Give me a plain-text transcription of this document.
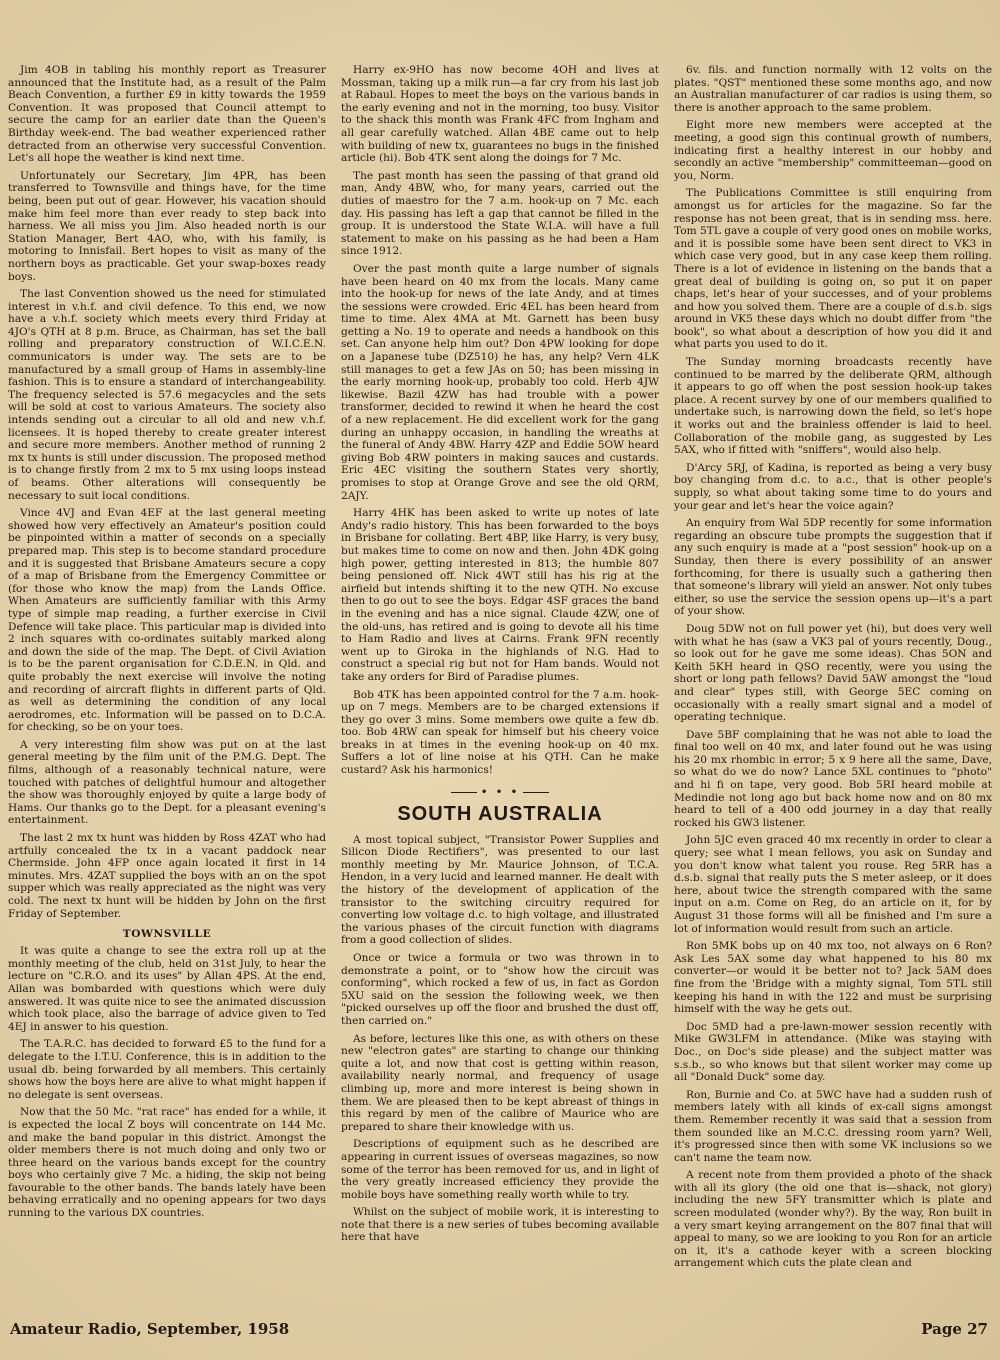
Jim 4OB in tabling his monthly report as Treasurer announced that the Institute had, as a result of the Palm Beach Convention, a further £9 in kitty towards the 1959 Convention. It was proposed that Council attempt to secure the camp for an earlier date than the Queen's Birthday week-end. The bad weather experienced rather detracted from an otherwise very successful Convention. Let's all hope the weather is kind next time.

Unfortunately our Secretary, Jim 4PR, has been transferred to Townsville and things have, for the time being, been put out of gear. However, his vacation should make him feel more than ever ready to step back into harness. We all miss you Jim. Also headed north is our Station Manager, Bert 4AO, who, with his family, is motoring to Innisfail. Bert hopes to visit as many of the northern boys as practicable. Get your swap-boxes ready boys.

The last Convention showed us the need for stimulated interest in v.h.f. and civil defence. To this end, we now have a v.h.f. society which meets every third Friday at 4JO's QTH at 8 p.m. Bruce, as Chairman, has set the ball rolling and preparatory construction of W.I.C.E.N. communicators is under way. The sets are to be manufactured by a small group of Hams in assembly-line fashion. This is to ensure a standard of interchangeability. The frequency selected is 57.6 megacycles and the sets will be sold at cost to various Amateurs. The society also intends sending out a circular to all old and new v.h.f. licensees. It is hoped thereby to create greater interest and secure more members. Another method of running 2 mx tx hunts is still under discussion. The proposed method is to change firstly from 2 mx to 5 mx using loops instead of beams. Other alterations will consequently be necessary to suit local conditions.

Vince 4VJ and Evan 4EF at the last general meeting showed how very effectively an Amateur's position could be pinpointed within a matter of seconds on a specially prepared map. This step is to become standard procedure and it is suggested that Brisbane Amateurs secure a copy of a map of Brisbane from the Emergency Committee or (for those who know the map) from the Lands Office. When Amateurs are sufficiently familiar with this Army type of simple map reading, a further exercise in Civil Defence will take place. This particular map is divided into 2 inch squares with co-ordinates suitably marked along and down the side of the map. The Dept. of Civil Aviation is to be the parent organisation for C.D.E.N. in Qld. and quite probably the next exercise will involve the noting and recording of aircraft flights in different parts of Qld. as well as determining the condition of any local aerodromes, etc. Information will be passed on to D.C.A. for checking, so be on your toes.

A very interesting film show was put on at the last general meeting by the film unit of the P.M.G. Dept. The films, although of a reasonably technical nature, were touched with patches of delightful humour and altogether the show was thoroughly enjoyed by quite a large body of Hams. Our thanks go to the Dept. for a pleasant evening's entertainment.

The last 2 mx tx hunt was hidden by Ross 4ZAT who had artfully concealed the tx in a vacant paddock near Chermside. John 4FP once again located it first in 14 minutes. Mrs. 4ZAT supplied the boys with an on the spot supper which was really appreciated as the night was very cold. The next tx hunt will be hidden by John on the first Friday of September.

TOWNSVILLE

It was quite a change to see the extra roll up at the monthly meeting of the club, held on 31st July, to hear the lecture on "C.R.O. and its uses" by Allan 4PS. At the end, Allan was bombarded with questions which were duly answered. It was quite nice to see the animated discussion which took place, also the barrage of advice given to Ted 4EJ in answer to his question.

The T.A.R.C. has decided to forward £5 to the fund for a delegate to the I.T.U. Conference, this is in addition to the usual db. being forwarded by all members. This certainly shows how the boys here are alive to what might happen if no delegate is sent overseas.

Now that the 50 Mc. "rat race" has ended for a while, it is expected the local Z boys will concentrate on 144 Mc. and make the band popular in this district. Amongst the older members there is not much doing and only two or three heard on the various bands except for the country boys who certainly give 7 Mc. a hiding, the skip not being favourable to the other bands. The bands lately have been behaving erratically and no opening appears for two days running to the various DX countries.

Harry ex-9HO has now become 4OH and lives at Mossman, taking up a milk run—a far cry from his last job at Rabaul. Hopes to meet the boys on the various bands in the early evening and not in the morning, too busy. Visitor to the shack this month was Frank 4FC from Ingham and all gear carefully watched. Allan 4BE came out to help with building of new tx, guarantees no bugs in the finished article (hi). Bob 4TK sent along the doings for 7 Mc.

The past month has seen the passing of that grand old man, Andy 4BW, who, for many years, carried out the duties of maestro for the 7 a.m. hook-up on 7 Mc. each day. His passing has left a gap that cannot be filled in the group. It is understood the State W.I.A. will have a full statement to make on his passing as he had been a Ham since 1912.

Over the past month quite a large number of signals have been heard on 40 mx from the locals. Many came into the hook-up for news of the late Andy, and at times the sessions were crowded. Eric 4EL has been heard from time to time. Alex 4MA at Mt. Garnett has been busy getting a No. 19 to operate and needs a handbook on this set. Can anyone help him out? Don 4PW looking for dope on a Japanese tube (DZ510) he has, any help? Vern 4LK still manages to get a few JAs on 50; has been missing in the early morning hook-up, probably too cold. Herb 4JW likewise. Bazil 4ZW has had trouble with a power transformer, decided to rewind it when he heard the cost of a new replacement. He did excellent work for the gang during an unhappy occasion, in handling the wreaths at the funeral of Andy 4BW. Harry 4ZP and Eddie 5OW heard giving Bob 4RW pointers in making sauces and custards. Eric 4EC visiting the southern States very shortly, promises to stop at Orange Grove and see the old QRM, 2AJY.

Harry 4HK has been asked to write up notes of late Andy's radio history. This has been forwarded to the boys in Brisbane for collating. Bert 4BP, like Harry, is very busy, but makes time to come on now and then. John 4DK going high power, getting interested in 813; the humble 807 being pensioned off. Nick 4WT still has his rig at the airfield but intends shifting it to the new QTH. No excuse then to go out to see the boys. Edgar 4SF graces the band in the evening and has a nice signal. Claude 4ZW, one of the old-uns, has retired and is going to devote all his time to Ham Radio and lives at Cairns. Frank 9FN recently went up to Giroka in the highlands of N.G. Had to construct a special rig but not for Ham bands. Would not take any orders for Bird of Paradise plumes.

Bob 4TK has been appointed control for the 7 a.m. hook-up on 7 megs. Members are to be charged extensions if they go over 3 mins. Some members owe quite a few db. too. Bob 4RW can speak for himself but his cheery voice breaks in at times in the evening hook-up on 40 mx. Suffers a lot of line noise at his QTH. Can he make custard? Ask his harmonics!

• • •
SOUTH AUSTRALIA

A most topical subject, "Transistor Power Supplies and Silicon Diode Rectifiers", was presented to our last monthly meeting by Mr. Maurice Johnson, of T.C.A. Hendon, in a very lucid and learned manner. He dealt with the history of the development of application of the transistor to the switching circuitry required for converting low voltage d.c. to high voltage, and illustrated the various phases of the circuit function with diagrams from a good collection of slides.

Once or twice a formula or two was thrown in to demonstrate a point, or to "show how the circuit was conforming", which rocked a few of us, in fact as Gordon 5XU said on the session the following week, we then "picked ourselves up off the floor and brushed the dust off, then carried on."

As before, lectures like this one, as with others on these new "electron gates" are starting to change our thinking quite a lot, and now that cost is getting within reason, availability nearly normal, and frequency of usage climbing up, more and more interest is being shown in them. We are pleased then to be kept abreast of things in this regard by men of the calibre of Maurice who are prepared to share their knowledge with us.

Descriptions of equipment such as he described are appearing in current issues of overseas magazines, so now some of the terror has been removed for us, and in light of the very greatly increased efficiency they provide the mobile boys have something really worth while to try.

Whilst on the subject of mobile work, it is interesting to note that there is a new series of tubes becoming available here that have

6v. fils. and function normally with 12 volts on the plates. "QST" mentioned these some months ago, and now an Australian manufacturer of car radios is using them, so there is another approach to the same problem.

Eight more new members were accepted at the meeting, a good sign this continual growth of numbers, indicating first a healthy interest in our hobby and secondly an active "membership" committeeman—good on you, Norm.

The Publications Committee is still enquiring from amongst us for articles for the magazine. So far the response has not been great, that is in sending mss. here. Tom 5TL gave a couple of very good ones on mobile works, and it is possible some have been sent direct to VK3 in which case very good, but in any case keep them rolling. There is a lot of evidence in listening on the bands that a great deal of building is going on, so put it on paper chaps, let's hear of your successes, and of your problems and how you solved them. There are a couple of d.s.b. sigs around in VK5 these days which no doubt differ from "the book", so what about a description of how you did it and what parts you used to do it.

The Sunday morning broadcasts recently have continued to be marred by the deliberate QRM, although it appears to go off when the post session hook-up takes place. A recent survey by one of our members qualified to undertake such, is narrowing down the field, so let's hope it works out and the brainless offender is laid to heel. Collaboration of the mobile gang, as suggested by Les 5AX, who if fitted with "sniffers", would also help.

D'Arcy 5RJ, of Kadina, is reported as being a very busy boy changing from d.c. to a.c., that is other people's supply, so what about taking some time to do yours and your gear and let's hear the voice again?

An enquiry from Wal 5DP recently for some information regarding an obscure tube prompts the suggestion that if any such enquiry is made at a "post session" hook-up on a Sunday, then there is every possibility of an answer forthcoming, for there is usually such a gathering then that someone's library will yield an answer. Not only tubes either, so use the service the session opens up—it's a part of your show.

Doug 5DW not on full power yet (hi), but does very well with what he has (saw a VK3 pal of yours recently, Doug., so look out for he gave me some ideas). Chas 5ON and Keith 5KH heard in QSO recently, were you using the short or long path fellows? David 5AW amongst the "loud and clear" types still, with George 5EC coming on occasionally with a really smart signal and a model of operating technique.

Dave 5BF complaining that he was not able to load the final too well on 40 mx, and later found out he was using his 20 mx rhombic in error; 5 x 9 here all the same, Dave, so what do we do now? Lance 5XL continues to "photo" and hi fi on tape, very good. Bob 5RI heard mobile at Medindie not long ago but back home now and on 80 mx heard to tell of a 400 odd journey in a day that really rocked his GW3 listener.

John 5JC even graced 40 mx recently in order to clear a query; see what I mean fellows, you ask on Sunday and you don't know what talent you rouse. Reg 5RR has a d.s.b. signal that really puts the S meter asleep, or it does here, about twice the strength compared with the same input on a.m. Come on Reg, do an article on it, for by August 31 those forms will all be finished and I'm sure a lot of information would result from such an article.

Ron 5MK bobs up on 40 mx too, not always on 6 Ron? Ask Les 5AX some day what happened to his 80 mx converter—or would it be better not to? Jack 5AM does fine from the 'Bridge with a mighty signal, Tom 5TL still keeping his hand in with the 122 and must be surprising himself with the way he gets out.

Doc 5MD had a pre-lawn-mower session recently with Mike GW3LFM in attendance. (Mike was staying with Doc., on Doc's side please) and the subject matter was s.s.b., so who knows but that silent worker may come up all "Donald Duck" some day.

Ron, Burnie and Co. at 5WC have had a sudden rush of members lately with all kinds of ex-call signs amongst them. Remember recently it was said that a session from them sounded like an M.C.C. dressing room yarn? Well, it's progressed since then with some VK inclusions so we can't name the team now.

A recent note from them provided a photo of the shack with all its glory (the old one that is—shack, not glory) including the new 5FY transmitter which is plate and screen modulated (wonder why?). By the way, Ron built in a very smart keying arrangement on the 807 final that will appeal to many, so we are looking to you Ron for an article on it, it's a cathode keyer with a screen blocking arrangement which cuts the plate clean and

Amateur Radio, September, 1958	Page 27
